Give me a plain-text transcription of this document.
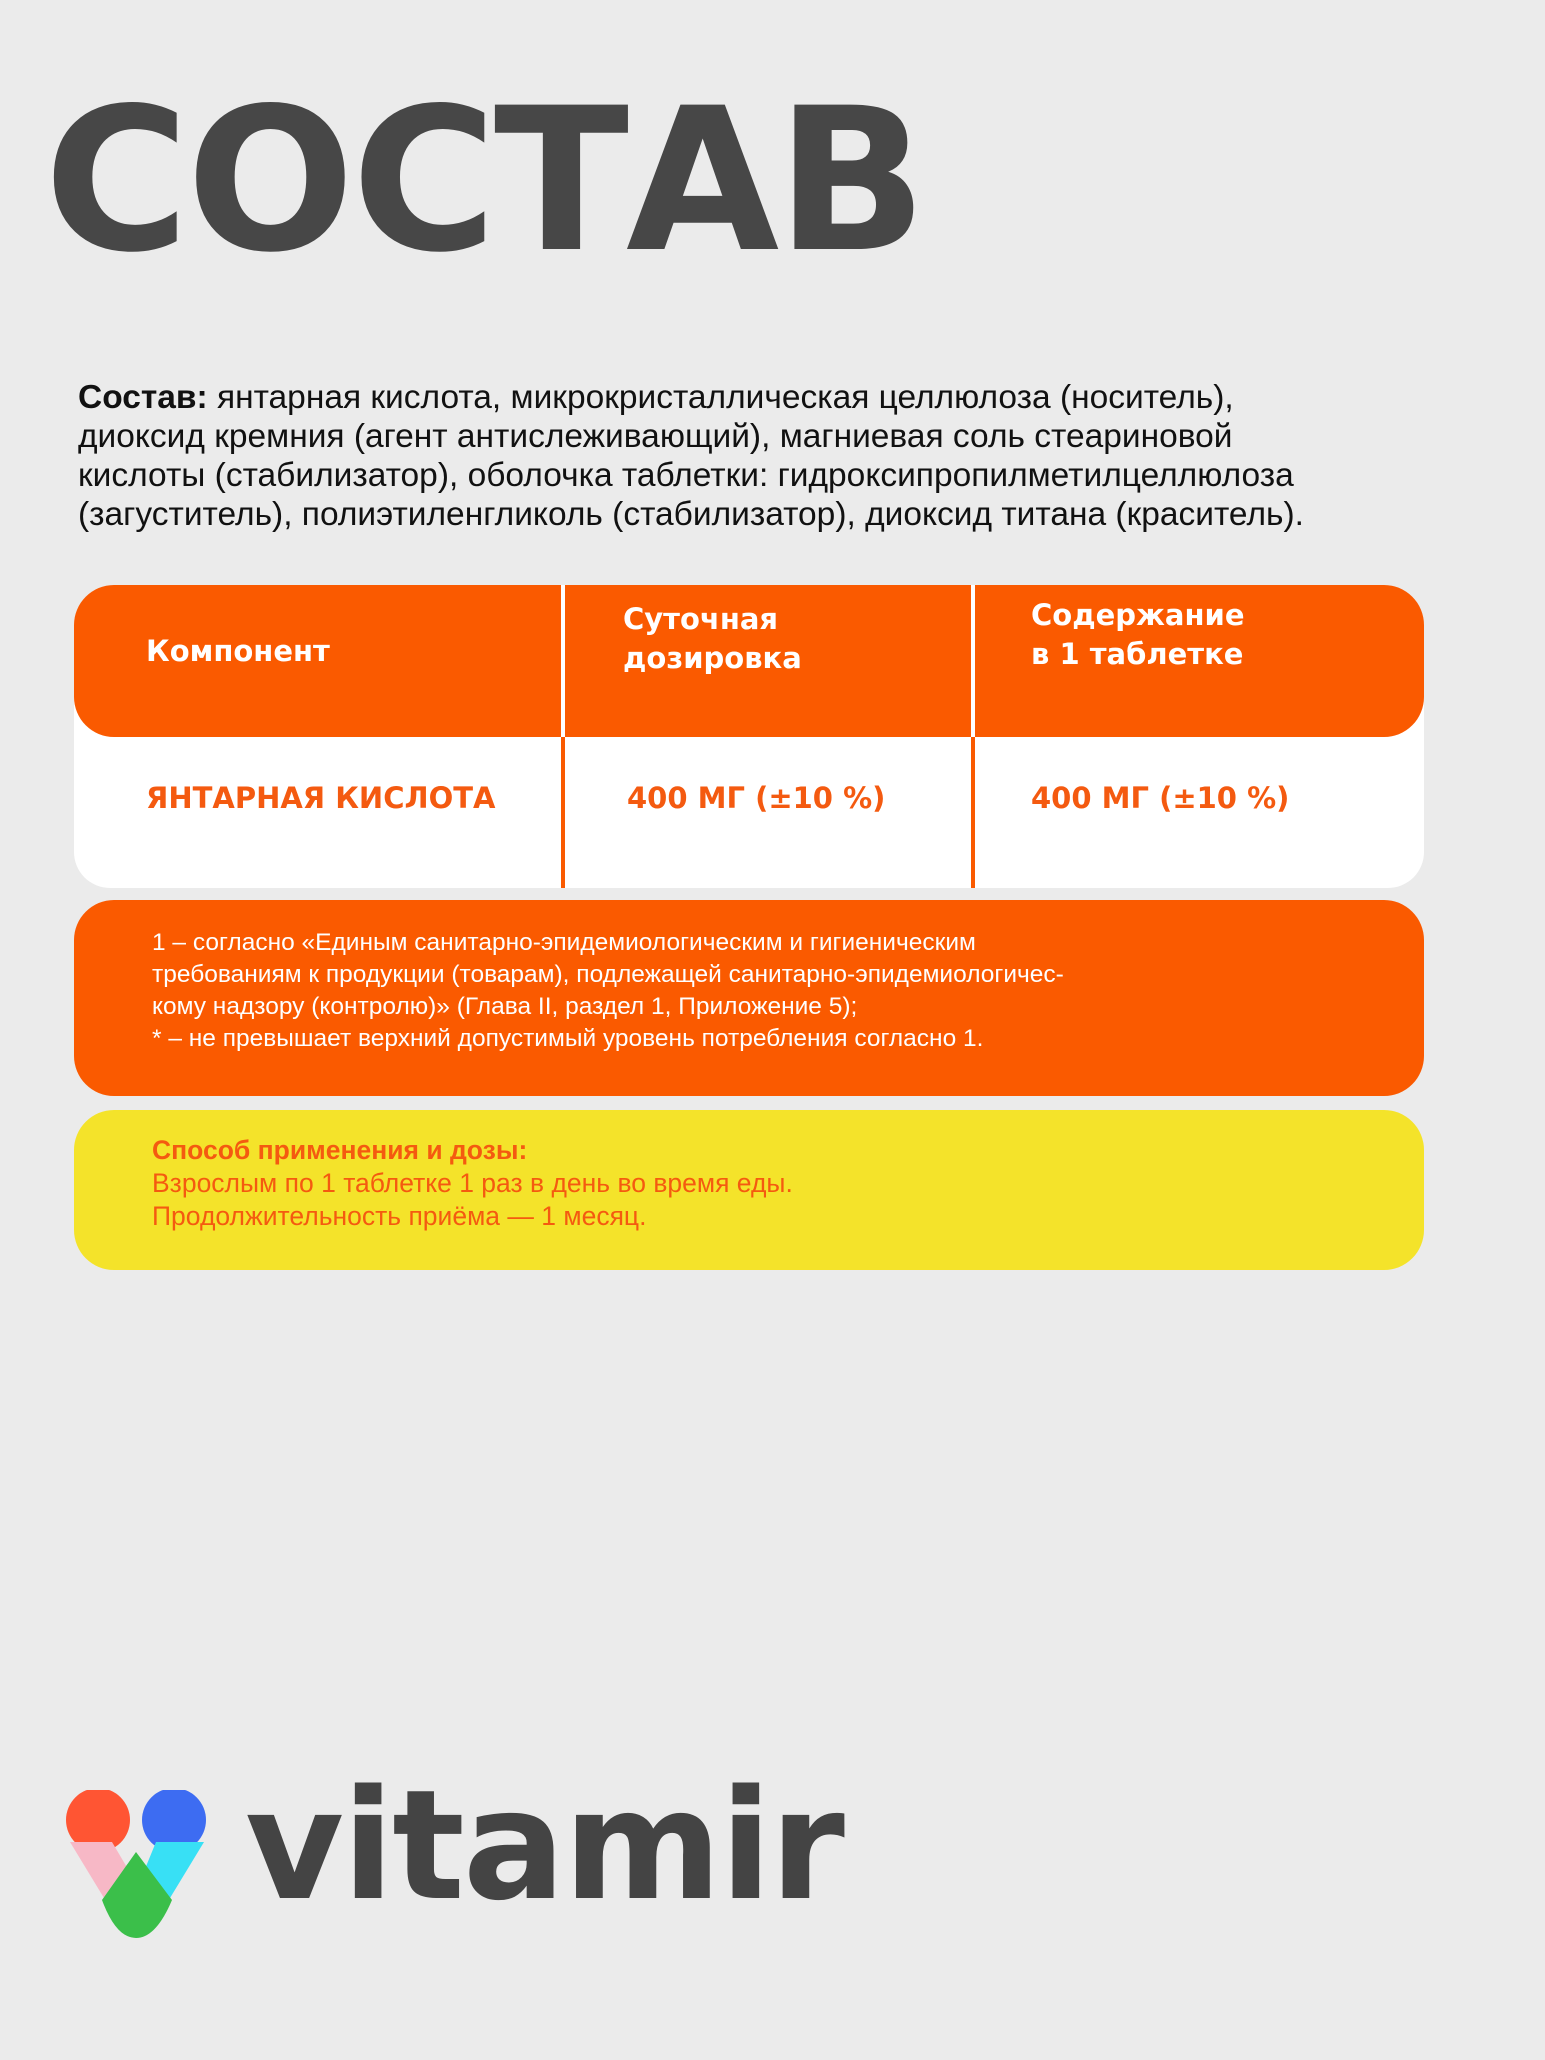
СОСТАВ

Состав: янтарная кислота, микрокристаллическая целлюлоза (носитель),
диоксид кремния (агент антислеживающий), магниевая соль стеариновой
кислоты (стабилизатор), оболочка таблетки: гидроксипропилметилцеллюлоза
(загуститель), полиэтиленгликоль (стабилизатор), диоксид титана (краситель).

Компонент
Суточная
дозировка
Содержание
в 1 таблетке
ЯНТАРНАЯ КИСЛОТА	400 МГ (±10 %)	400 МГ (±10 %)
1 – согласно «Единым санитарно-эпидемиологическим и гигиеническим
требованиям к продукции (товарам), подлежащей санитарно-эпидемиологичес-
кому надзору (контролю)» (Глава II, раздел 1, Приложение 5);
* – не превышает верхний допустимый уровень потребления согласно 1.
Способ применения и дозы:
Взрослым по 1 таблетке 1 раз в день во время еды.
Продолжительность приёма — 1 месяц.
vitamir
